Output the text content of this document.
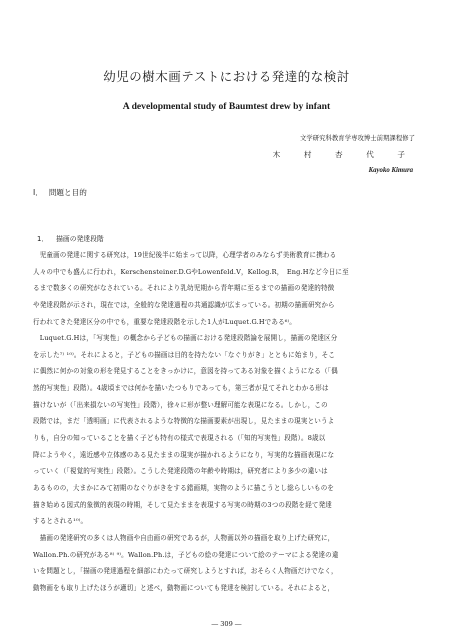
幼児の樹木画テストにおける発達的な検討
A developmental study of Baumtest drew by infant
文学研究科教育学専攻博士前期課程修了
木　村　杏　代　子
Kayoko Kimura
Ⅰ． 問題と目的
1． 描画の発達段階
　児童画の発達に関する研究は，19世紀後半に始まって以降，心理学者のみならず美術教育に携わる
人々の中でも盛んに行われ，Kerschensteiner.D.GやLowenfeld.V，Kellog.R，　Eng.Hなど今日に至
るまで数多くの研究がなされている。それにより乳幼児期から青年期に至るまでの描画の発達的特徴
や発達段階が示され，現在では，全般的な発達過程の共通認識が広まっている。初期の描画研究から
行われてきた発達区分の中でも，重要な発達段階を示した1人がLuquet.G.Hである⁶⁾。
　Luquet.G.Hは，「写実性」の概念から子どもの描画における発達段階論を展開し，描画の発達区分
を示した⁷⁾ ¹⁰⁾。それによると，子どもの描画は目的を持たない「なぐりがき」とともに始まり，そこ
に偶然に何かの対象の形を発見することをきっかけに，意図を持ってある対象を描くようになる（「偶
然的写実性」段階）。4歳頃までは何かを描いたつもりであっても，第三者が見てそれとわかる形は
描けないが（「出来損ないの写実性」段階），徐々に形が整い理解可能な表現になる。しかし，この
段階では，まだ「透明画」に代表されるような特徴的な描画要素が出現し，見たままの現実というよ
りも，自分の知っていることを描く子ども特有の様式で表現される（「知的写実性」段階）。8歳以
降にようやく，遠近感や立体感のある見たままの現実が描かれるようになり，写実的な描画表現にな
っていく（「視覚的写実性」段階）。こうした発達段階の年齢や時期は，研究者により多少の違いは
あるものの，大まかにみて初期のなぐりがきをする錯画期，実物のように描こうとし総らしいものを
描き始める図式的象徴的表現の時期，そして見たままを表現する写実の時期の3つの段階を経て発達
するとされる¹⁰⁾。
　描画の発達研究の多くは人物画や自由画の研究であるが，人物画以外の描画を取り上げた研究に，
Wallon.Ph.の研究がある⁸⁾ ⁹⁾。Wallon.Ph.は，子どもの絵の発達について絵のテーマによる発達の違
いを問題とし，「描画の発達過程を細部にわたって研究しようとすれば，おそらく人物画だけでなく，
動物画をも取り上げたほうが適切」と述べ，動物画についても発達を検討している。それによると，
― 309 ―
